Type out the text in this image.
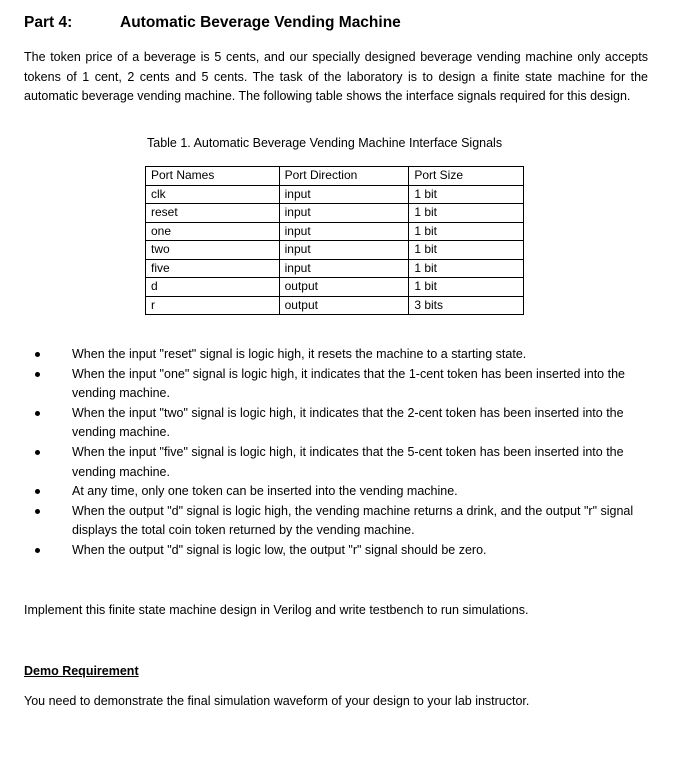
Part 4:	Automatic Beverage Vending Machine

The token price of a beverage is 5 cents, and our specially designed beverage vending machine only accepts tokens of 1 cent, 2 cents and 5 cents. The task of the laboratory is to design a finite state machine for the automatic beverage vending machine. The following table shows the interface signals required for this design.

Table 1. Automatic Beverage Vending Machine Interface Signals
Port Names	Port Direction	Port Size
clk	input	1 bit
reset	input	1 bit
one	input	1 bit
two	input	1 bit
five	input	1 bit
d	output	1 bit
r	output	3 bits
When the input "reset" signal is logic high, it resets the machine to a starting state.
When the input "one" signal is logic high, it indicates that the 1-cent token has been inserted into the vending machine.
When the input "two" signal is logic high, it indicates that the 2-cent token has been inserted into the vending machine.
When the input "five" signal is logic high, it indicates that the 5-cent token has been inserted into the vending machine.
At any time, only one token can be inserted into the vending machine.
When the output "d" signal is logic high, the vending machine returns a drink, and the output "r" signal displays the total coin token returned by the vending machine.
When the output "d" signal is logic low, the output "r" signal should be zero.
Implement this finite state machine design in Verilog and write testbench to run simulations.
Demo Requirement
You need to demonstrate the final simulation waveform of your design to your lab instructor.
